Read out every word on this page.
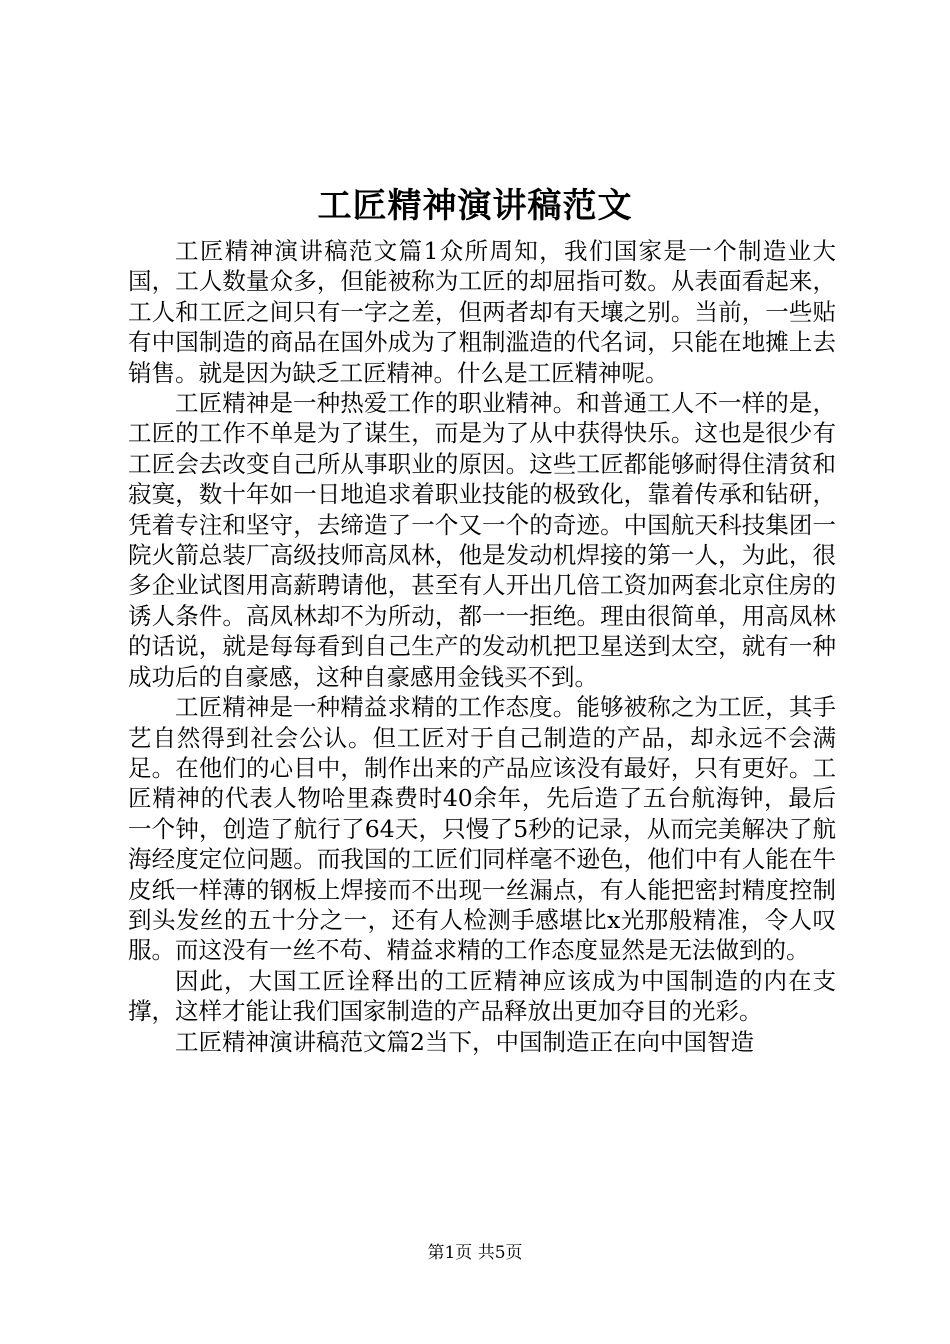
工匠精神演讲稿范文

工匠精神演讲稿范文篇1众所周知，我们国家是一个制造业大国，工人数量众多，但能被称为工匠的却屈指可数。从表面看起来，工人和工匠之间只有一字之差，但两者却有天壤之别。当前，一些贴有中国制造的商品在国外成为了粗制滥造的代名词，只能在地摊上去销售。就是因为缺乏工匠精神。什么是工匠精神呢。

工匠精神是一种热爱工作的职业精神。和普通工人不一样的是，工匠的工作不单是为了谋生，而是为了从中获得快乐。这也是很少有工匠会去改变自己所从事职业的原因。这些工匠都能够耐得住清贫和寂寞，数十年如一日地追求着职业技能的极致化，靠着传承和钻研，凭着专注和坚守，去缔造了一个又一个的奇迹。中国航天科技集团一院火箭总装厂高级技师高凤林，他是发动机焊接的第一人，为此，很多企业试图用高薪聘请他，甚至有人开出几倍工资加两套北京住房的诱人条件。高凤林却不为所动，都一一拒绝。理由很简单，用高凤林的话说，就是每每看到自己生产的发动机把卫星送到太空，就有一种成功后的自豪感，这种自豪感用金钱买不到。

工匠精神是一种精益求精的工作态度。能够被称之为工匠，其手艺自然得到社会公认。但工匠对于自己制造的产品，却永远不会满足。在他们的心目中，制作出来的产品应该没有最好，只有更好。工匠精神的代表人物哈里森费时40余年，先后造了五台航海钟，最后一个钟，创造了航行了64天，只慢了5秒的记录，从而完美解决了航海经度定位问题。而我国的工匠们同样毫不逊色，他们中有人能在牛皮纸一样薄的钢板上焊接而不出现一丝漏点，有人能把密封精度控制到头发丝的五十分之一，还有人检测手感堪比x光那般精准，令人叹服。而这没有一丝不苟、精益求精的工作态度显然是无法做到的。

因此，大国工匠诠释出的工匠精神应该成为中国制造的内在支撑，这样才能让我们国家制造的产品释放出更加夺目的光彩。

工匠精神演讲稿范文篇2当下，中国制造正在向中国智造

第1页 共5页
